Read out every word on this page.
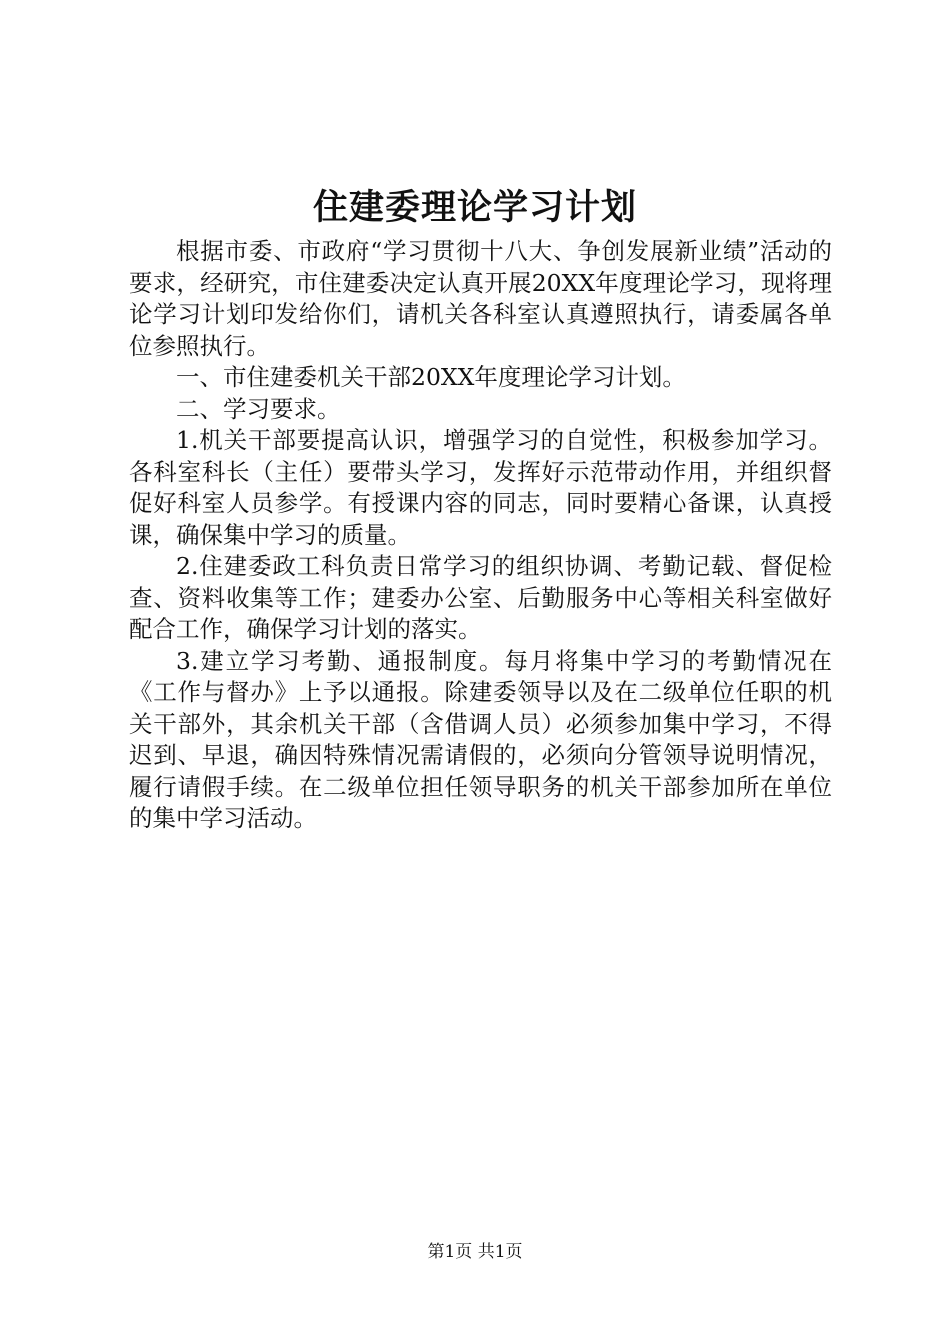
住建委理论学习计划

根据市委、市政府“学习贯彻十八大、争创发展新业绩”活动的要求，经研究，市住建委决定认真开展20XX年度理论学习，现将理论学习计划印发给你们，请机关各科室认真遵照执行，请委属各单位参照执行。

一、市住建委机关干部20XX年度理论学习计划。

二、学习要求。

1.机关干部要提高认识，增强学习的自觉性，积极参加学习。各科室科长（主任）要带头学习，发挥好示范带动作用，并组织督促好科室人员参学。有授课内容的同志，同时要精心备课，认真授课，确保集中学习的质量。

2.住建委政工科负责日常学习的组织协调、考勤记载、督促检查、资料收集等工作；建委办公室、后勤服务中心等相关科室做好配合工作，确保学习计划的落实。

3.建立学习考勤、通报制度。每月将集中学习的考勤情况在《工作与督办》上予以通报。除建委领导以及在二级单位任职的机关干部外，其余机关干部（含借调人员）必须参加集中学习，不得迟到、早退，确因特殊情况需请假的，必须向分管领导说明情况，履行请假手续。在二级单位担任领导职务的机关干部参加所在单位的集中学习活动。

第1页 共1页
